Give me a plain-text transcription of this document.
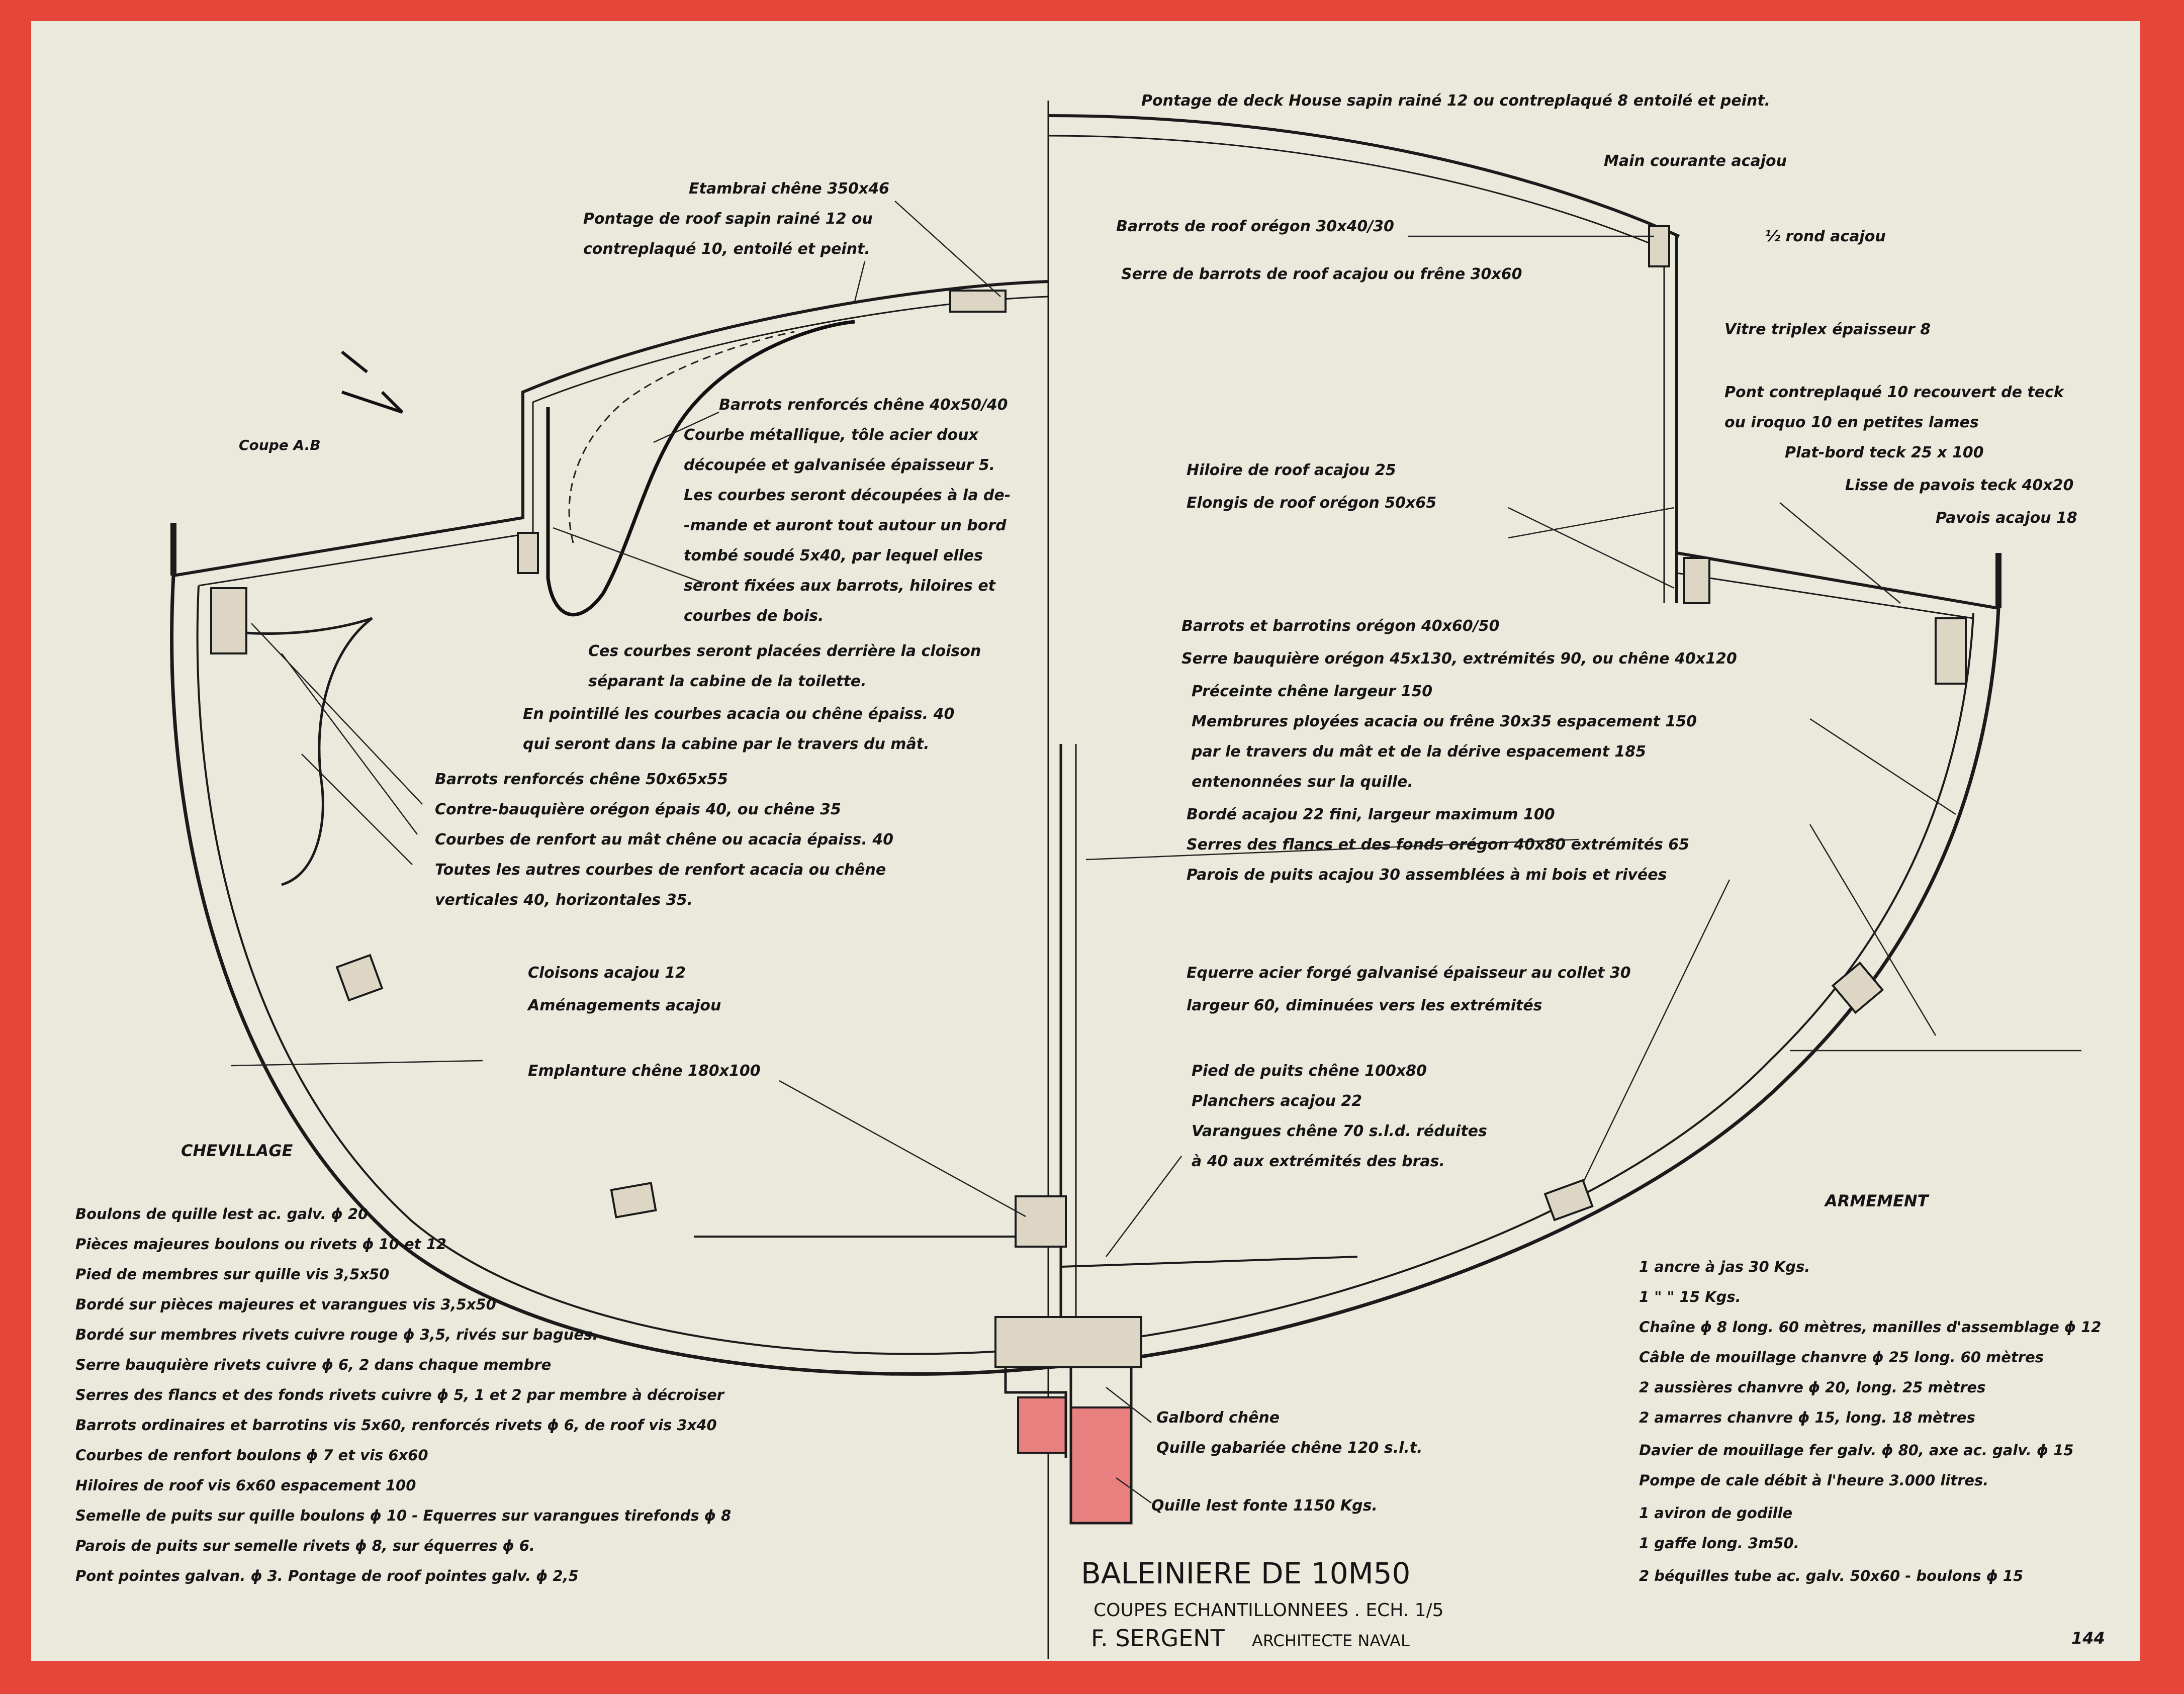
Etambrai chêne 350x46
Pontage de roof sapin rainé 12 ou
contreplaqué 10, entoilé et peint.
Barrots renforcés chêne 40x50/40
Courbe métallique, tôle acier doux
découpée et galvanisée épaisseur 5.
Les courbes seront découpées à la de-
-mande et auront tout autour un bord
tombé soudé 5x40, par lequel elles
seront fixées aux barrots, hiloires et
courbes de bois.
Ces courbes seront placées derrière la cloison
séparant la cabine de la toilette.
En pointillé les courbes acacia ou chêne épaiss. 40
qui seront dans la cabine par le travers du mât.
Barrots renforcés chêne 50x65x55
Contre-bauquière orégon épais 40, ou chêne 35
Courbes de renfort au mât chêne ou acacia épaiss. 40
Toutes les autres courbes de renfort acacia ou chêne
verticales 40, horizontales 35.
Cloisons acajou 12
Aménagements acajou
Emplanture chêne 180x100
Coupe A.B
Pontage de deck House sapin rainé 12 ou contreplaqué 8 entoilé et peint.
Main courante acajou
Barrots de roof orégon 30x40/30
½ rond acajou
Serre de barrots de roof acajou ou frêne 30x60
Vitre triplex épaisseur 8
Pont contreplaqué 10 recouvert de teck
ou iroquo 10 en petites lames
Plat-bord teck 25 x 100
Hiloire de roof acajou 25
Lisse de pavois teck 40x20
Elongis de roof orégon 50x65
Pavois acajou 18
Barrots et barrotins orégon 40x60/50
Serre bauquière orégon 45x130, extrémités 90, ou chêne 40x120
Préceinte chêne largeur 150
Membrures ployées acacia ou frêne 30x35 espacement 150
par le travers du mât et de la dérive espacement 185
entenonnées sur la quille.
Bordé acajou 22 fini, largeur maximum 100
Serres des flancs et des fonds orégon 40x80 extrémités 65
Parois de puits acajou 30 assemblées à mi bois et rivées
Equerre acier forgé galvanisé épaisseur au collet 30
largeur 60, diminuées vers les extrémités
Pied de puits chêne 100x80
Planchers acajou 22
Varangues chêne 70 s.l.d. réduites
à 40 aux extrémités des bras.
Galbord chêne
Quille gabariée chêne 120 s.l.t.
Quille lest fonte 1150 Kgs.
CHEVILLAGE
Boulons de quille lest ac. galv. ϕ 20
Pièces majeures boulons ou rivets ϕ 10 et 12
Pied de membres sur quille vis 3,5x50
Bordé sur pièces majeures et varangues vis 3,5x50
Bordé sur membres rivets cuivre rouge ϕ 3,5, rivés sur bagues.
Serre bauquière rivets cuivre ϕ 6, 2 dans chaque membre
Serres des flancs et des fonds rivets cuivre ϕ 5, 1 et 2 par membre à décroiser
Barrots ordinaires et barrotins vis 5x60, renforcés rivets ϕ 6, de roof vis 3x40
Courbes de renfort boulons ϕ 7 et vis 6x60
Hiloires de roof vis 6x60 espacement 100
Semelle de puits sur quille boulons ϕ 10 - Equerres sur varangues tirefonds ϕ 8
Parois de puits sur semelle rivets ϕ 8, sur équerres ϕ 6.
Pont pointes galvan. ϕ 3. Pontage de roof pointes galv. ϕ 2,5
ARMEMENT
1 ancre à jas 30 Kgs.
1 " " 15 Kgs.
Chaîne ϕ 8 long. 60 mètres, manilles d'assemblage ϕ 12
Câble de mouillage chanvre ϕ 25 long. 60 mètres
2 aussières chanvre ϕ 20, long. 25 mètres
2 amarres chanvre ϕ 15, long. 18 mètres
Davier de mouillage fer galv. ϕ 80, axe ac. galv. ϕ 15
Pompe de cale débit à l'heure 3.000 litres.
1 aviron de godille
1 gaffe long. 3m50.
2 béquilles tube ac. galv. 50x60 - boulons ϕ 15
BALEINIERE DE 10M50
COUPES ECHANTILLONNEES . ECH. 1/5
F. SERGENT ARCHITECTE NAVAL	144
